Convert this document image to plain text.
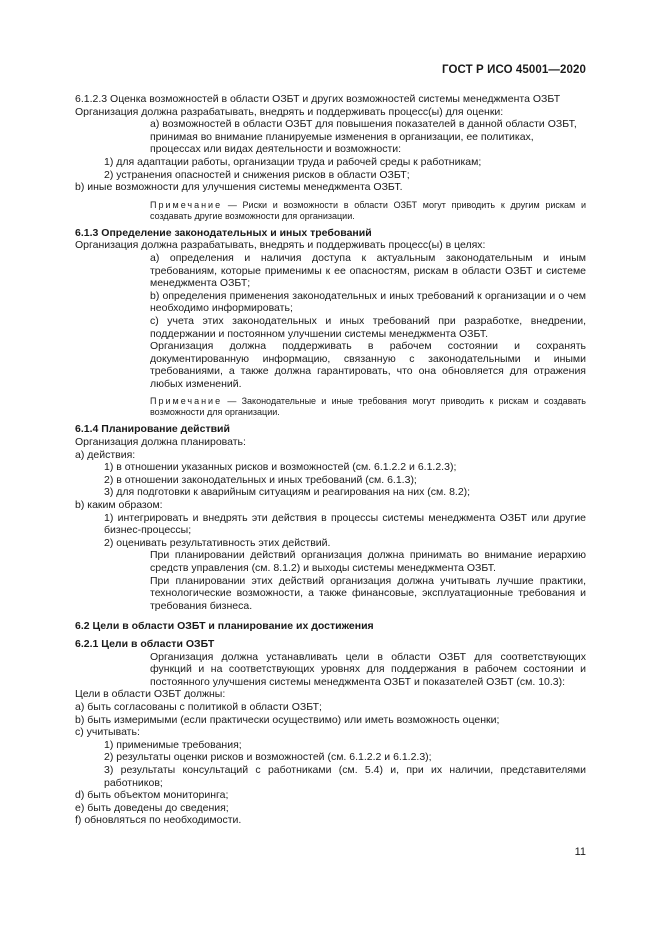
ГОСТ Р ИСО 45001—2020

6.1.2.3 Оценка возможностей в области ОЗБТ и других возможностей системы менеджмента ОЗБТ

Организация должна разрабатывать, внедрять и поддерживать процесс(ы) для оценки:

a) возможностей в области ОЗБТ для повышения показателей в данной области ОЗБТ, принимая во внимание планируемые изменения в организации, ее политиках, процессах или видах деятельности и возможности:

1) для адаптации работы, организации труда и рабочей среды к работникам;

2) устранения опасностей и снижения рисков в области ОЗБТ;

b) иные возможности для улучшения системы менеджмента ОЗБТ.

Примечание — Риски и возможности в области ОЗБТ могут приводить к другим рискам и создавать другие возможности для организации.

6.1.3 Определение законодательных и иных требований

Организация должна разрабатывать, внедрять и поддерживать процесс(ы) в целях:

a) определения и наличия доступа к актуальным законодательным и иным требованиям, которые применимы к ее опасностям, рискам в области ОЗБТ и системе менеджмента ОЗБТ;

b) определения применения законодательных и иных требований к организации и о чем необходимо информировать;

c) учета этих законодательных и иных требований при разработке, внедрении, поддержании и постоянном улучшении системы менеджмента ОЗБТ.

Организация должна поддерживать в рабочем состоянии и сохранять документированную информацию, связанную с законодательными и иными требованиями, а также должна гарантировать, что она обновляется для отражения любых изменений.

Примечание — Законодательные и иные требования могут приводить к рискам и создавать возможности для организации.

6.1.4 Планирование действий

Организация должна планировать:

a) действия:

1) в отношении указанных рисков и возможностей (см. 6.1.2.2 и 6.1.2.3);

2) в отношении законодательных и иных требований (см. 6.1.3);

3) для подготовки к аварийным ситуациям и реагирования на них (см. 8.2);

b) каким образом:

1) интегрировать и внедрять эти действия в процессы системы менеджмента ОЗБТ или другие бизнес-процессы;

2) оценивать результативность этих действий.

При планировании действий организация должна принимать во внимание иерархию средств управления (см. 8.1.2) и выходы системы менеджмента ОЗБТ.

При планировании этих действий организация должна учитывать лучшие практики, технологические возможности, а также финансовые, эксплуатационные требования и требования бизнеса.

6.2 Цели в области ОЗБТ и планирование их достижения

6.2.1 Цели в области ОЗБТ

Организация должна устанавливать цели в области ОЗБТ для соответствующих функций и на соответствующих уровнях для поддержания в рабочем состоянии и постоянного улучшения системы менеджмента ОЗБТ и показателей ОЗБТ (см. 10.3):

Цели в области ОЗБТ должны:

a) быть согласованы с политикой в области ОЗБТ;

b) быть измеримыми (если практически осуществимо) или иметь возможность оценки;

c) учитывать:

1) применимые требования;

2) результаты оценки рисков и возможностей (см. 6.1.2.2 и 6.1.2.3);

3) результаты консультаций с работниками (см. 5.4) и, при их наличии, представителями работников;

d) быть объектом мониторинга;

e) быть доведены до сведения;

f) обновляться по необходимости.

11
